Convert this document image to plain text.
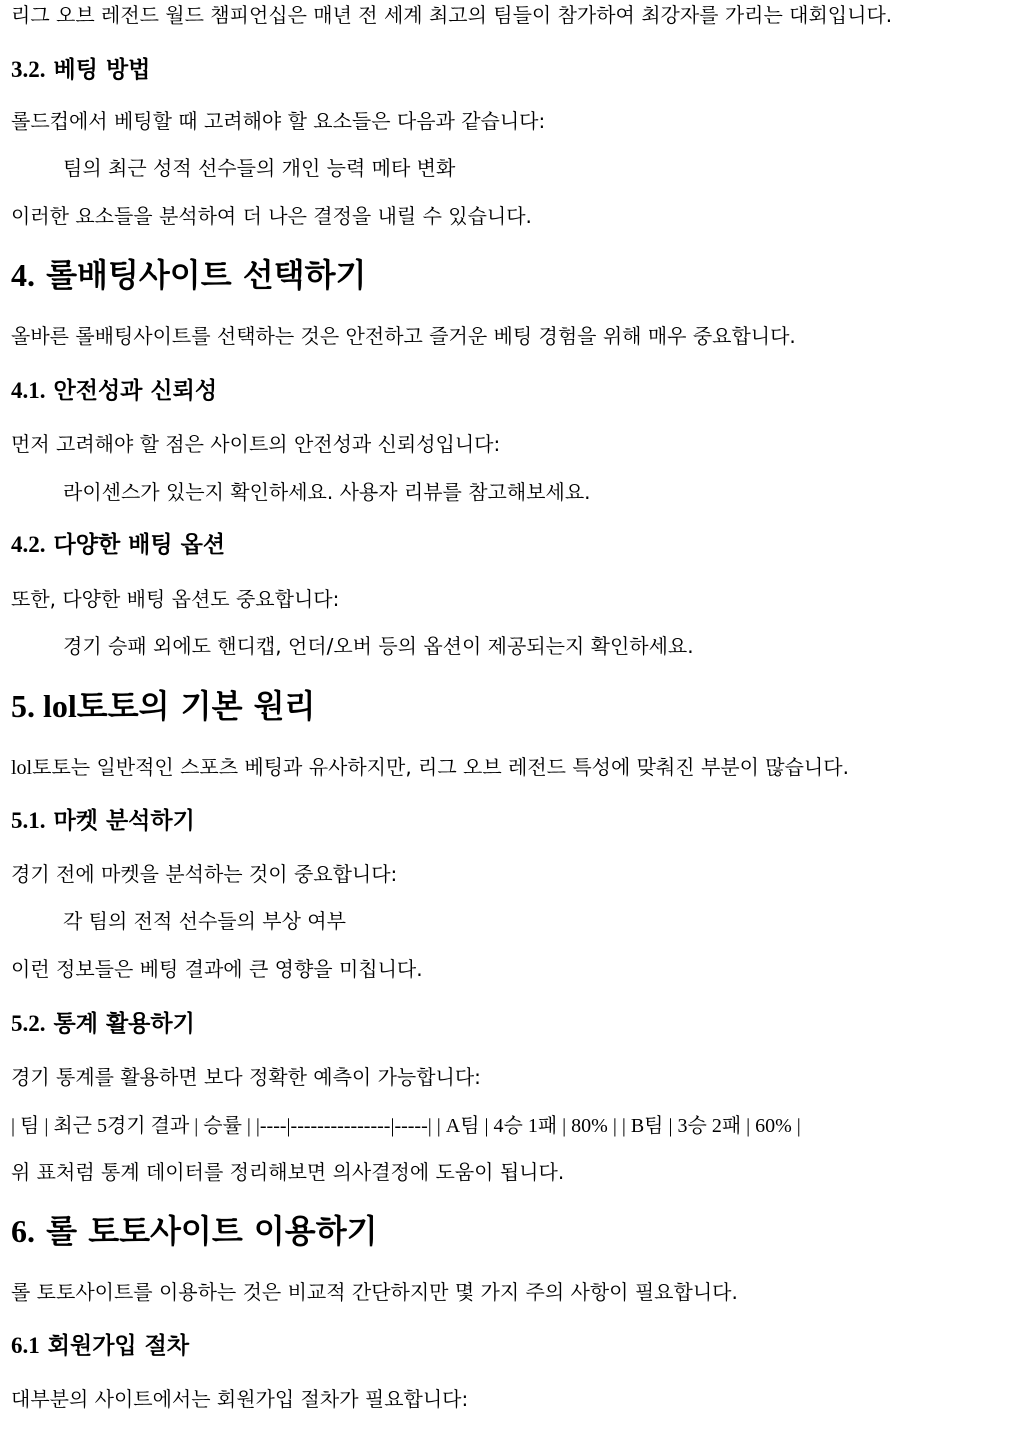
리그 오브 레전드 월드 챔피언십은 매년 전 세계 최고의 팀들이 참가하여 최강자를 가리는 대회입니다.
3.2. 베팅 방법
롤드컵에서 베팅할 때 고려해야 할 요소들은 다음과 같습니다:
팀의 최근 성적 선수들의 개인 능력 메타 변화
이러한 요소들을 분석하여 더 나은 결정을 내릴 수 있습니다.
4. 롤배팅사이트 선택하기
올바른 롤배팅사이트를 선택하는 것은 안전하고 즐거운 베팅 경험을 위해 매우 중요합니다.
4.1. 안전성과 신뢰성
먼저 고려해야 할 점은 사이트의 안전성과 신뢰성입니다:
라이센스가 있는지 확인하세요. 사용자 리뷰를 참고해보세요.
4.2. 다양한 배팅 옵션
또한, 다양한 배팅 옵션도 중요합니다:
경기 승패 외에도 핸디캡, 언더/오버 등의 옵션이 제공되는지 확인하세요.
5. lol토토의 기본 원리
lol토토는 일반적인 스포츠 베팅과 유사하지만, 리그 오브 레전드 특성에 맞춰진 부분이 많습니다.
5.1. 마켓 분석하기
경기 전에 마켓을 분석하는 것이 중요합니다:
각 팀의 전적 선수들의 부상 여부
이런 정보들은 베팅 결과에 큰 영향을 미칩니다.
5.2. 통계 활용하기
경기 통계를 활용하면 보다 정확한 예측이 가능합니다:
| 팀 | 최근 5경기 결과 | 승률 | |----|---------------|-----| | A팀 | 4승 1패 | 80% | | B팀 | 3승 2패 | 60% |
위 표처럼 통계 데이터를 정리해보면 의사결정에 도움이 됩니다.
6. 롤 토토사이트 이용하기
롤 토토사이트를 이용하는 것은 비교적 간단하지만 몇 가지 주의 사항이 필요합니다.
6.1 회원가입 절차
대부분의 사이트에서는 회원가입 절차가 필요합니다:
